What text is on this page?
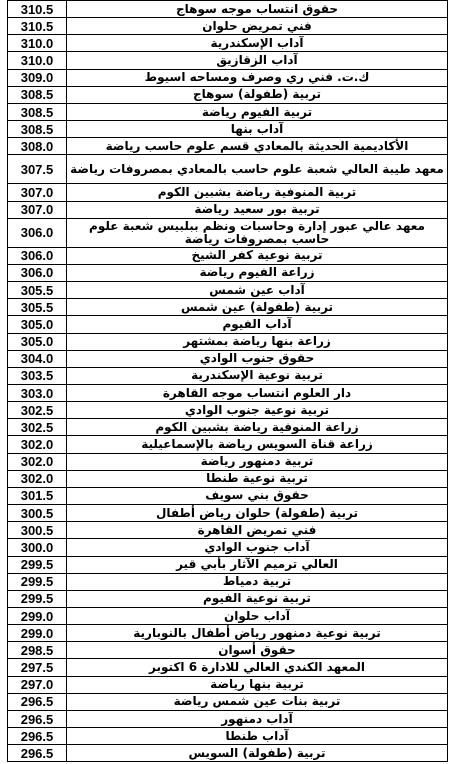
310.5	حقوق انتساب موجه سوهاج
310.5	فني تمريض حلوان
310.0	آداب الإسكندرية
310.0	آداب الزقازيق
309.0	ك.ت. فني ري وصرف ومساحه اسيوط
308.5	تربية (طفولة) سوهاج
308.5	تربية الفيوم رياضة
308.5	آداب بنها
308.0	الأكاديمية الحديثة بالمعادي قسم علوم حاسب رياضة
307.5	معهد طيبة العالي شعبة علوم حاسب بالمعادي بمصروفات رياضة
307.0	تربية المنوفية رياضة بشبين الكوم
307.0	تربية بور سعيد رياضة
306.0	معهد عالي عبور إدارة وحاسبات ونظم ببلبيس شعبة علوم حاسب بمصروفات رياضة
306.0	تربية نوعية كفر الشيخ
306.0	زراعة الفيوم رياضة
305.5	آداب عين شمس
305.5	تربية (طفولة) عين شمس
305.0	آداب الفيوم
305.0	زراعة بنها رياضة بمشتهر
304.0	حقوق جنوب الوادي
303.5	تربية نوعية الإسكندرية
303.0	دار العلوم انتساب موجه القاهرة
302.5	تربية نوعية جنوب الوادي
302.5	زراعة المنوفية رياضة بشبين الكوم
302.0	زراعة قناة السويس رياضة بالإسماعيلية
302.0	تربية دمنهور رياضة
302.0	تربية نوعية طنطا
301.5	حقوق بني سويف
300.5	تربية (طفولة) حلوان رياض أطفال
300.5	فني تمريض القاهرة
300.0	آداب جنوب الوادي
299.5	العالي ترميم الآثار بأبي قير
299.5	تربية دمياط
299.5	تربية نوعية الفيوم
299.0	آداب حلوان
299.0	تربية نوعية دمنهور رياض أطفال بالنوبارية
298.5	حقوق أسوان
297.5	المعهد الكندي العالي للادارة 6 اكتوبر
297.0	تربية بنها رياضة
296.5	تربية بنات عين شمس رياضة
296.5	آداب دمنهور
296.5	آداب طنطا
296.5	تربية (طفولة) السويس
